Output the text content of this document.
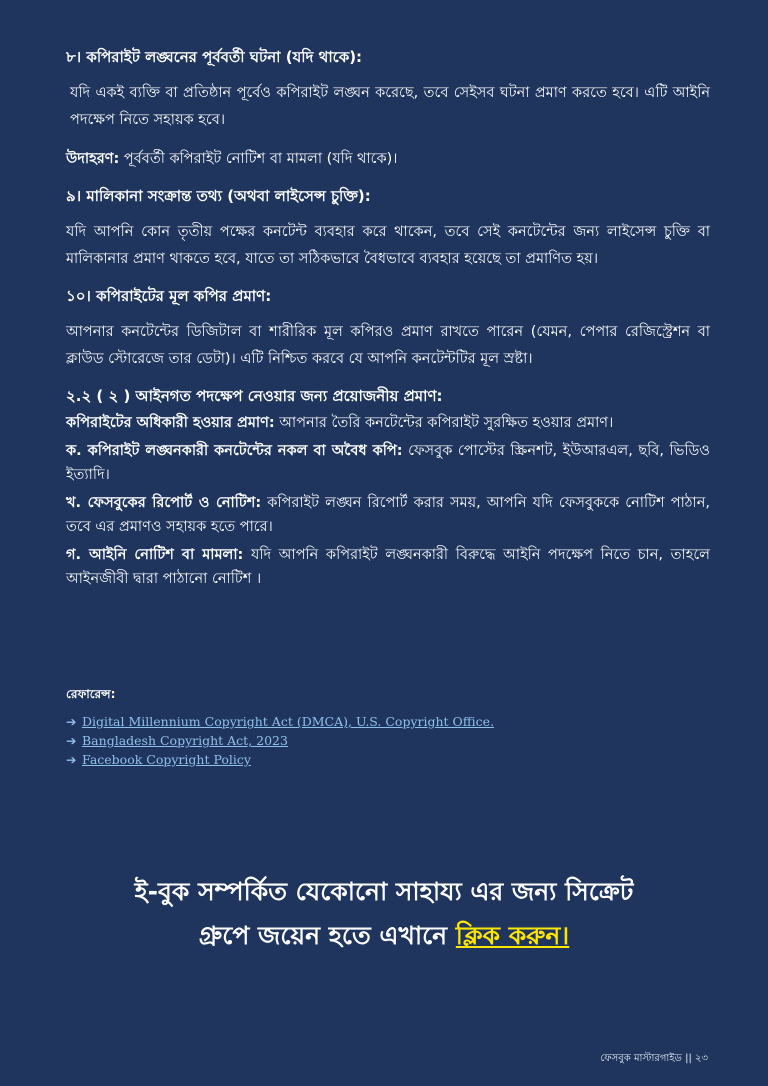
৮। কপিরাইট লঙ্ঘনের পূর্ববর্তী ঘটনা (যদি থাকে):
যদি একই ব্যক্তি বা প্রতিষ্ঠান পূর্বেও কপিরাইট লঙ্ঘন করেছে, তবে সেইসব ঘটনা প্রমাণ করতে হবে। এটি আইনি পদক্ষেপ নিতে সহায়ক হবে।
উদাহরণ: পূর্ববর্তী কপিরাইট নোটিশ বা মামলা (যদি থাকে)।
৯। মালিকানা সংক্রান্ত তথ্য (অথবা লাইসেন্স চুক্তি):
যদি আপনি কোন তৃতীয় পক্ষের কনটেন্ট ব্যবহার করে থাকেন, তবে সেই কনটেন্টের জন্য লাইসেন্স চুক্তি বা মালিকানার প্রমাণ থাকতে হবে, যাতে তা সঠিকভাবে বৈধভাবে ব্যবহার হয়েছে তা প্রমাণিত হয়।
১০। কপিরাইটের মূল কপির প্রমাণ:
আপনার কনটেন্টের ডিজিটাল বা শারীরিক মূল কপিরও প্রমাণ রাখতে পারেন (যেমন, পেপার রেজিস্ট্রেশন বা ক্লাউড স্টোরেজে তার ডেটা)। এটি নিশ্চিত করবে যে আপনি কনটেন্টটির মূল স্রষ্টা।
২.২ ( ২ ) আইনগত পদক্ষেপ নেওয়ার জন্য প্রয়োজনীয় প্রমাণ:
কপিরাইটের অধিকারী হওয়ার প্রমাণ: আপনার তৈরি কনটেন্টের কপিরাইট সুরক্ষিত হওয়ার প্রমাণ।
ক. কপিরাইট লঙ্ঘনকারী কনটেন্টের নকল বা অবৈধ কপি: ফেসবুক পোস্টের স্ক্রিনশট, ইউআরএল, ছবি, ভিডিও ইত্যাদি।
খ. ফেসবুকের রিপোর্ট ও নোটিশ: কপিরাইট লঙ্ঘন রিপোর্ট করার সময়, আপনি যদি ফেসবুককে নোটিশ পাঠান, তবে এর প্রমাণও সহায়ক হতে পারে।
গ. আইনি নোটিশ বা মামলা: যদি আপনি কপিরাইট লঙ্ঘনকারী বিরুদ্ধে আইনি পদক্ষেপ নিতে চান, তাহলে আইনজীবী দ্বারা পাঠানো নোটিশ ।
রেফারেন্স:
➔ Digital Millennium Copyright Act (DMCA), U.S. Copyright Office.
➔ Bangladesh Copyright Act, 2023
➔ Facebook Copyright Policy
ই-বুক সম্পর্কিত যেকোনো সাহায্য এর জন্য সিক্রেট
গ্রুপে জয়েন হতে এখানে ক্লিক করুন।
ফেসবুক মাস্টারগাইড || ২৩
